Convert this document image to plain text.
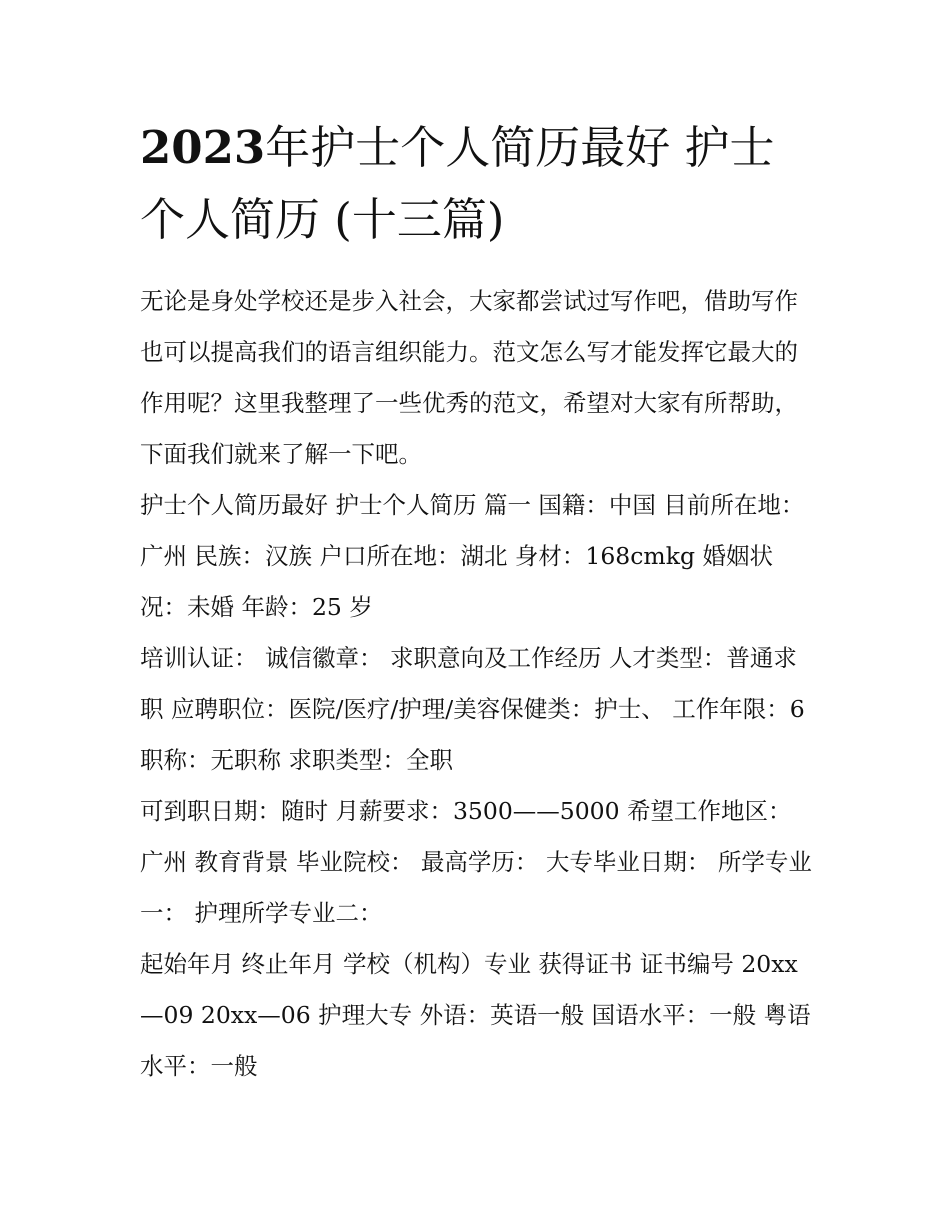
2023年护士个人简历最好 护士个人简历 (十三篇)

无论是身处学校还是步入社会，大家都尝试过写作吧，借助写作也可以提高我们的语言组织能力。范文怎么写才能发挥它最大的作用呢？这里我整理了一些优秀的范文，希望对大家有所帮助，下面我们就来了解一下吧。

护士个人简历最好 护士个人简历 篇一 国籍：中国 目前所在地：广州 民族：汉族 户口所在地：湖北 身材：168cmkg 婚姻状况：未婚 年龄：25 岁

培训认证： 诚信徽章： 求职意向及工作经历 人才类型：普通求职 应聘职位：医院/医疗/护理/美容保健类：护士、 工作年限：6 职称：无职称 求职类型：全职

可到职日期：随时 月薪要求：3500——5000 希望工作地区：广州 教育背景 毕业院校： 最高学历： 大专毕业日期： 所学专业一： 护理所学专业二：

起始年月 终止年月 学校（机构）专业 获得证书 证书编号 20xx—09 20xx—06 护理大专 外语：英语一般 国语水平：一般 粤语水平：一般
